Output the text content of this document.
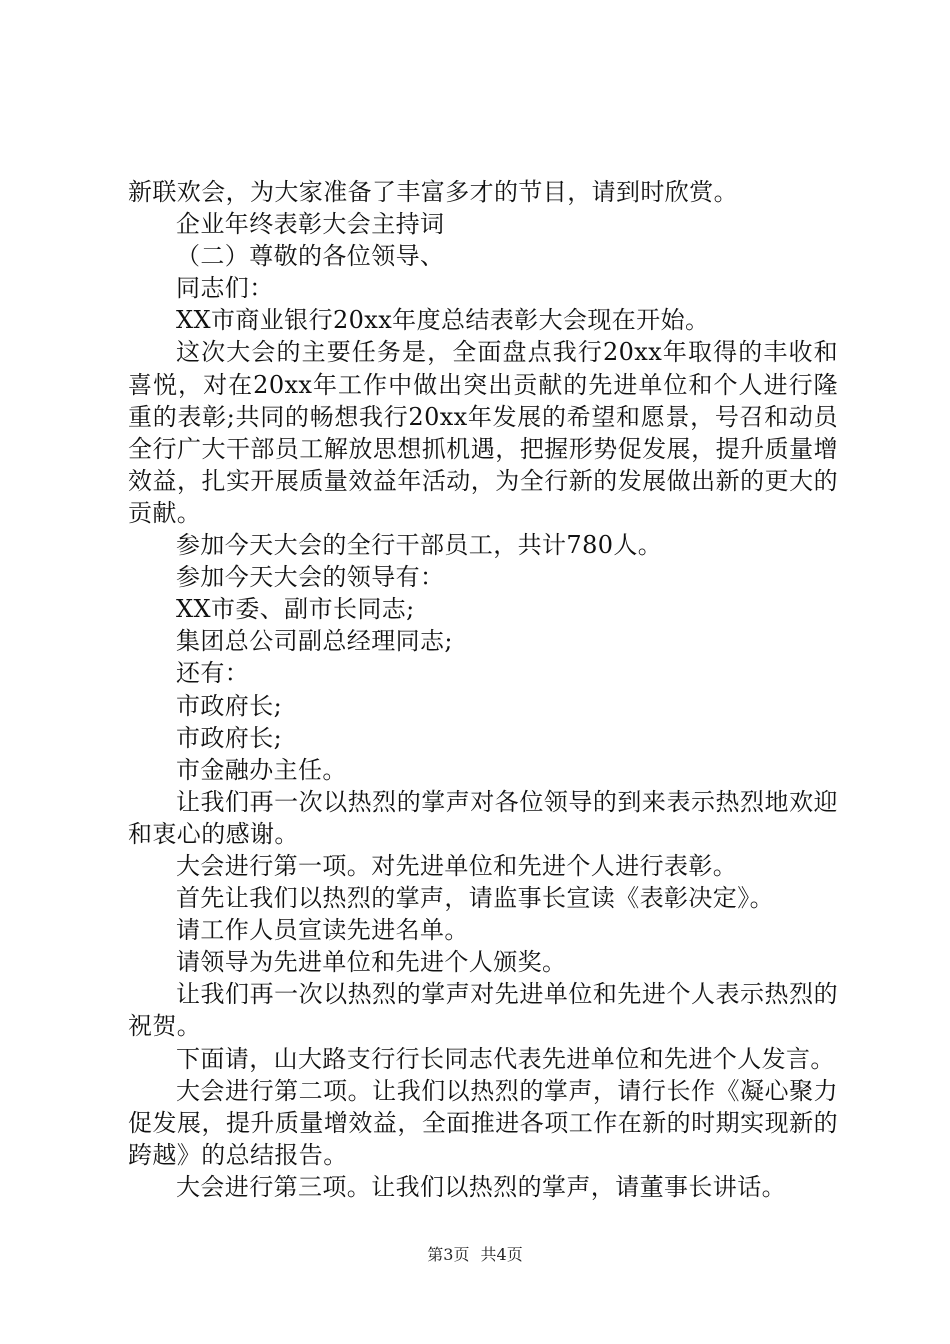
新联欢会，为大家准备了丰富多才的节目，请到时欣赏。

企业年终表彰大会主持词

（二）尊敬的各位领导、

同志们：

XX市商业银行20xx年度总结表彰大会现在开始。

这次大会的主要任务是，全面盘点我行20xx年取得的丰收和喜悦，对在20xx年工作中做出突出贡献的先进单位和个人进行隆重的表彰;共同的畅想我行20xx年发展的希望和愿景，号召和动员全行广大干部员工解放思想抓机遇，把握形势促发展，提升质量增效益，扎实开展质量效益年活动，为全行新的发展做出新的更大的贡献。

参加今天大会的全行干部员工，共计780人。

参加今天大会的领导有：

XX市委、副市长同志;

集团总公司副总经理同志;

还有：

市政府长;

市政府长;

市金融办主任。

让我们再一次以热烈的掌声对各位领导的到来表示热烈地欢迎和衷心的感谢。

大会进行第一项。对先进单位和先进个人进行表彰。

首先让我们以热烈的掌声，请监事长宣读《表彰决定》。

请工作人员宣读先进名单。

请领导为先进单位和先进个人颁奖。

让我们再一次以热烈的掌声对先进单位和先进个人表示热烈的祝贺。

下面请，山大路支行行长同志代表先进单位和先进个人发言。

大会进行第二项。让我们以热烈的掌声，请行长作《凝心聚力促发展，提升质量增效益，全面推进各项工作在新的时期实现新的跨越》的总结报告。

大会进行第三项。让我们以热烈的掌声，请董事长讲话。

第3页 共4页
